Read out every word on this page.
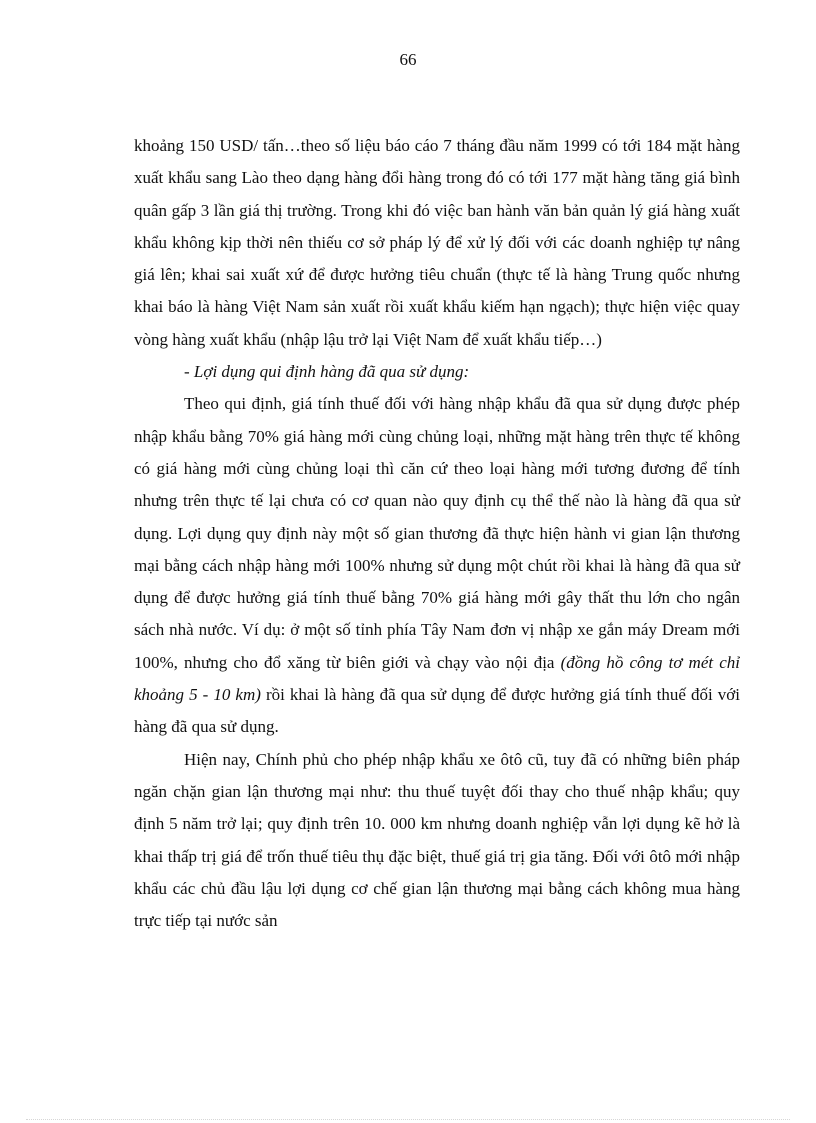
66

khoảng 150 USD/ tấn…theo số liệu báo cáo 7 tháng đầu năm 1999 có tới 184 mặt hàng xuất khẩu sang Lào theo dạng hàng đổi hàng trong đó có tới 177 mặt hàng tăng giá bình quân gấp 3 lần giá thị trường. Trong khi đó việc ban hành văn bản quản lý giá hàng xuất khẩu không kịp thời nên thiếu cơ sở pháp lý để xử lý đối với các doanh nghiệp tự nâng giá lên; khai sai xuất xứ để được hưởng tiêu chuẩn (thực tế là hàng Trung quốc nhưng khai báo là hàng Việt Nam sản xuất rồi xuất khẩu kiếm hạn ngạch); thực hiện việc quay vòng hàng xuất khẩu (nhập lậu trở lại Việt Nam để xuất khẩu tiếp…)

- Lợi dụng qui định hàng đã qua sử dụng:

Theo qui định, giá tính thuế đối với hàng nhập khẩu đã qua sử dụng được phép nhập khẩu bằng 70% giá hàng mới cùng chủng loại, những mặt hàng trên thực tế không có giá hàng mới cùng chủng loại thì căn cứ theo loại hàng mới tương đương để tính nhưng trên thực tế lại chưa có cơ quan nào quy định cụ thể thế nào là hàng đã qua sử dụng. Lợi dụng quy định này một số gian thương đã thực hiện hành vi gian lận thương mại bằng cách nhập hàng mới 100% nhưng sử dụng một chút rồi khai là hàng đã qua sử dụng để được hưởng giá tính thuế bằng 70% giá hàng mới gây thất thu lớn cho ngân sách nhà nước. Ví dụ: ở một số tỉnh phía Tây Nam đơn vị nhập xe gắn máy Dream mới 100%, nhưng cho đổ xăng từ biên giới và chạy vào nội địa (đồng hồ công tơ mét chỉ khoảng 5 - 10 km) rồi khai là hàng đã qua sử dụng để được hưởng giá tính thuế đối với hàng đã qua sử dụng.

Hiện nay, Chính phủ cho phép nhập khẩu xe ôtô cũ, tuy đã có những biên pháp ngăn chặn gian lận thương mại như: thu thuế tuyệt đối thay cho thuế nhập khẩu; quy định 5 năm trở lại; quy định trên 10. 000 km nhưng doanh nghiệp vẫn lợi dụng kẽ hở là khai thấp trị giá để trốn thuế tiêu thụ đặc biệt, thuế giá trị gia tăng. Đối với ôtô mới nhập khẩu các chủ đầu lậu lợi dụng cơ chế gian lận thương mại bằng cách không mua hàng trực tiếp tại nước sản
